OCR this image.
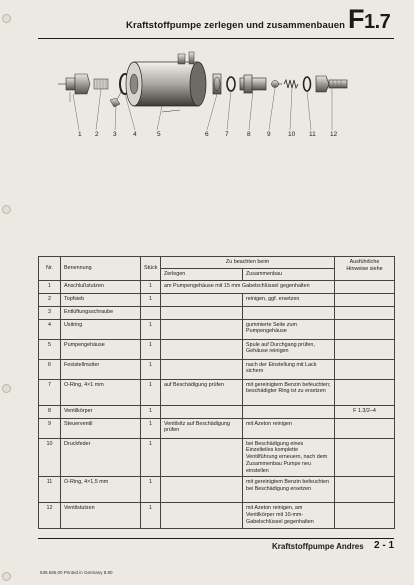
Kraftstoffpumpe zerlegen und zusammenbauen F1.7
1 2 3	4	5	6	7	8	9	10 11 12
Nr.	Benennung	Stück	Zu beachten beim		Ausführliche Hinweise siehe
			Zerlegen	Zusammenbau	
1	Anschlußstutzen	1	am Pumpengehäuse mit 15 mm Gabelschlüssel gegenhalten		
2	Topfsieb	1		reinigen, ggf. ersetzen	
3	Entlüftungsschraube				
4	Usitring	1		gummierte Seite zum Pumpengehäuse	
5	Pumpengehäuse	1		Spule auf Durchgang prüfen, Gehäuse reinigen	
6	Feststellmutter	1		nach der Einstellung mit Lack sichern	
7	O-Ring, 4×1 mm	1	auf Beschädigung prüfen	mit gereinigtem Benzin befeuchten; beschädigter Ring ist zu ersetzen	
8	Ventilkörper	1			F 1.3/2–4
9	Steuerventil	1	Ventilsitz auf Beschädigung prüfen	mit Azeton reinigen	
10	Druckfeder	1		bei Beschädigung eines Einzelteiles komplette Ventilführung erneuern, nach dem Zusammenbau Pumpe neu einstellen	
11	O-Ring, 4×1,5 mm	1		mit gereinigtem Benzin befeuchten bei Beschädigung ersetzen	
12	Ventilstutzen	1		mit Azeton reinigen, am Ventilkörper mit 10-mm-Gabelschlüssel gegenhalten	
Kraftstoffpumpe Andres 2 - 1
539.695.00 Printed in Germany 8.80
